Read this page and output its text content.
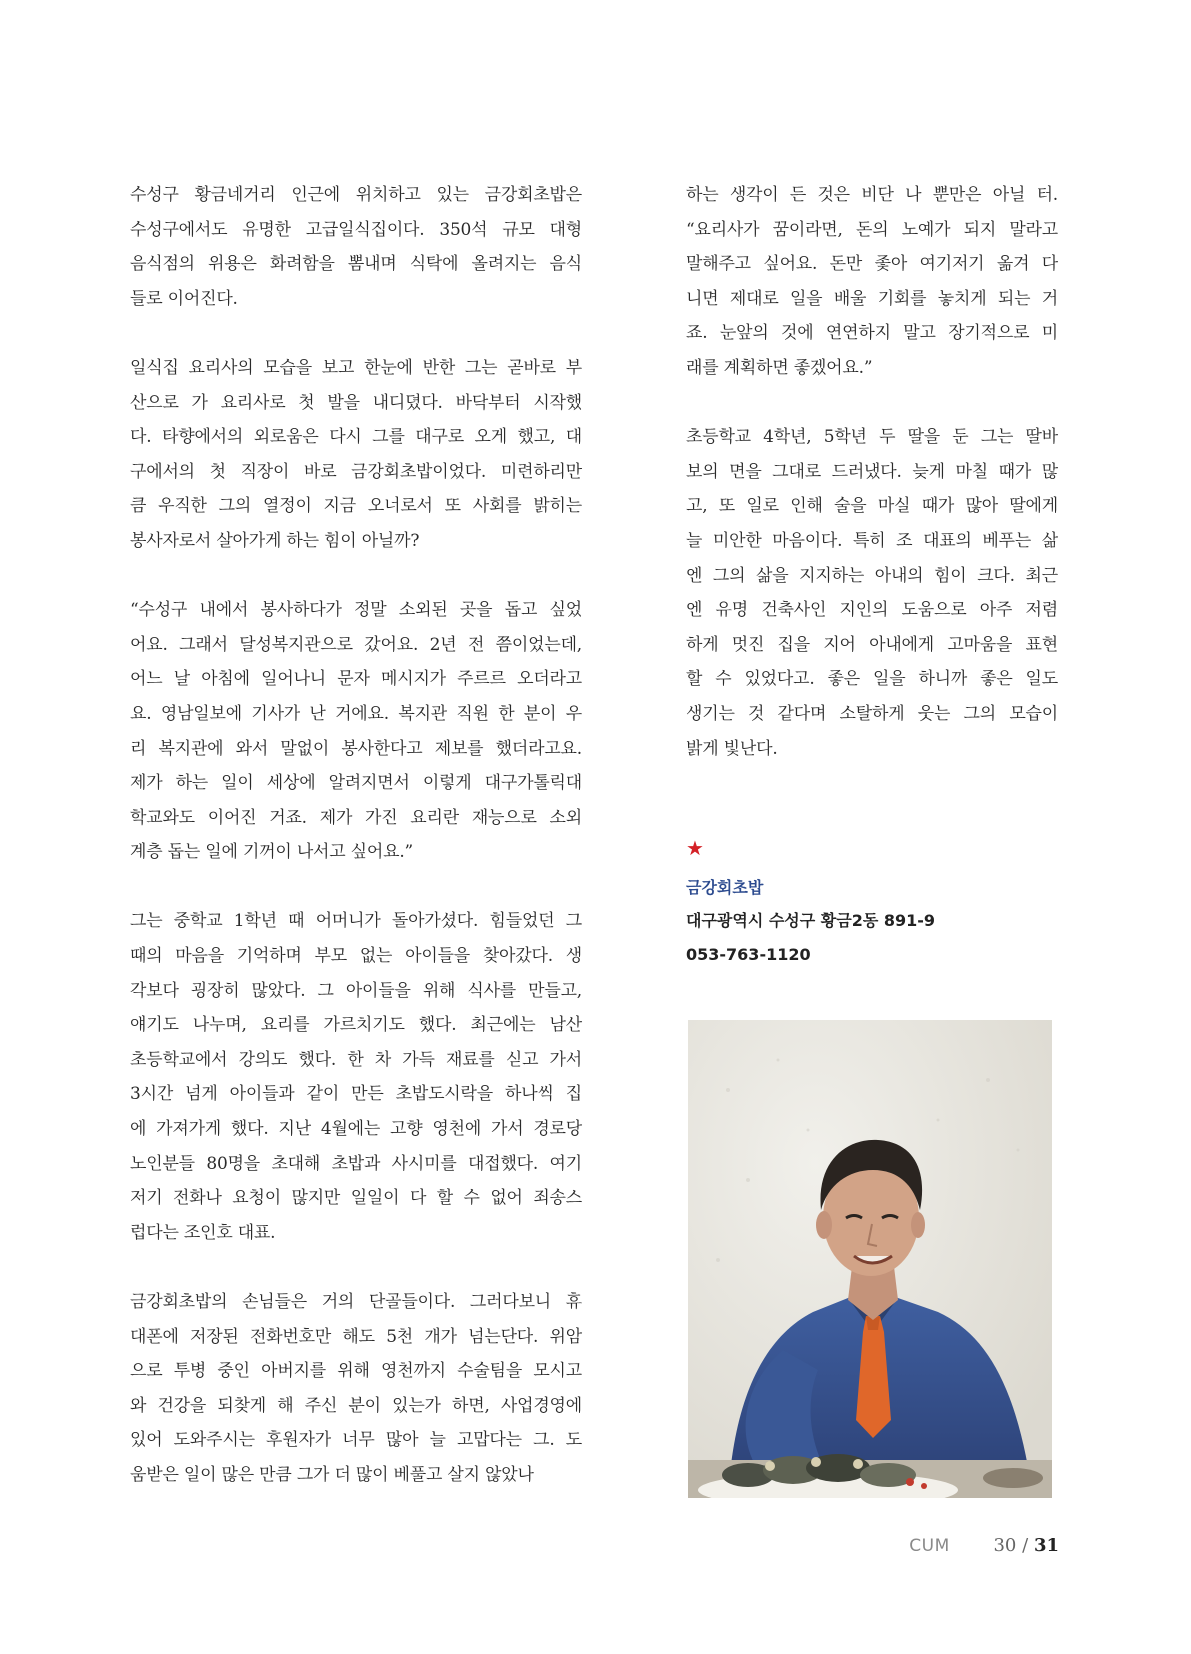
수성구 황금네거리 인근에 위치하고 있는 금강회초밥은
수성구에서도 유명한 고급일식집이다. 350석 규모 대형
음식점의 위용은 화려함을 뽐내며 식탁에 올려지는 음식
들로 이어진다.

일식집 요리사의 모습을 보고 한눈에 반한 그는 곧바로 부
산으로 가 요리사로 첫 발을 내디뎠다. 바닥부터 시작했
다. 타향에서의 외로움은 다시 그를 대구로 오게 했고, 대
구에서의 첫 직장이 바로 금강회초밥이었다. 미련하리만
큼 우직한 그의 열정이 지금 오너로서 또 사회를 밝히는
봉사자로서 살아가게 하는 힘이 아닐까?

“수성구 내에서 봉사하다가 정말 소외된 곳을 돕고 싶었
어요. 그래서 달성복지관으로 갔어요. 2년 전 쯤이었는데,
어느 날 아침에 일어나니 문자 메시지가 주르르 오더라고
요. 영남일보에 기사가 난 거에요. 복지관 직원 한 분이 우
리 복지관에 와서 말없이 봉사한다고 제보를 했더라고요.
제가 하는 일이 세상에 알려지면서 이렇게 대구가톨릭대
학교와도 이어진 거죠. 제가 가진 요리란 재능으로 소외
계층 돕는 일에 기꺼이 나서고 싶어요.”

그는 중학교 1학년 때 어머니가 돌아가셨다. 힘들었던 그
때의 마음을 기억하며 부모 없는 아이들을 찾아갔다. 생
각보다 굉장히 많았다. 그 아이들을 위해 식사를 만들고,
얘기도 나누며, 요리를 가르치기도 했다. 최근에는 남산
초등학교에서 강의도 했다. 한 차 가득 재료를 싣고 가서
3시간 넘게 아이들과 같이 만든 초밥도시락을 하나씩 집
에 가져가게 했다. 지난 4월에는 고향 영천에 가서 경로당
노인분들 80명을 초대해 초밥과 사시미를 대접했다. 여기
저기 전화나 요청이 많지만 일일이 다 할 수 없어 죄송스
럽다는 조인호 대표.

금강회초밥의 손님들은 거의 단골들이다. 그러다보니 휴
대폰에 저장된 전화번호만 해도 5천 개가 넘는단다. 위암
으로 투병 중인 아버지를 위해 영천까지 수술팀을 모시고
와 건강을 되찾게 해 주신 분이 있는가 하면, 사업경영에
있어 도와주시는 후원자가 너무 많아 늘 고맙다는 그. 도
움받은 일이 많은 만큼 그가 더 많이 베풀고 살지 않았나

하는 생각이 든 것은 비단 나 뿐만은 아닐 터.
“요리사가 꿈이라면, 돈의 노예가 되지 말라고
말해주고 싶어요. 돈만 좇아 여기저기 옮겨 다
니면 제대로 일을 배울 기회를 놓치게 되는 거
죠. 눈앞의 것에 연연하지 말고 장기적으로 미
래를 계획하면 좋겠어요.”

초등학교 4학년, 5학년 두 딸을 둔 그는 딸바
보의 면을 그대로 드러냈다. 늦게 마칠 때가 많
고, 또 일로 인해 술을 마실 때가 많아 딸에게
늘 미안한 마음이다. 특히 조 대표의 베푸는 삶
엔 그의 삶을 지지하는 아내의 힘이 크다. 최근
엔 유명 건축사인 지인의 도움으로 아주 저렴
하게 멋진 집을 지어 아내에게 고마움을 표현
할 수 있었다고. 좋은 일을 하니까 좋은 일도
생기는 것 같다며 소탈하게 웃는 그의 모습이
밝게 빛난다.

★
금강회초밥
대구광역시 수성구 황금2동 891-9
053-763-1120
CUM 30 / 31
